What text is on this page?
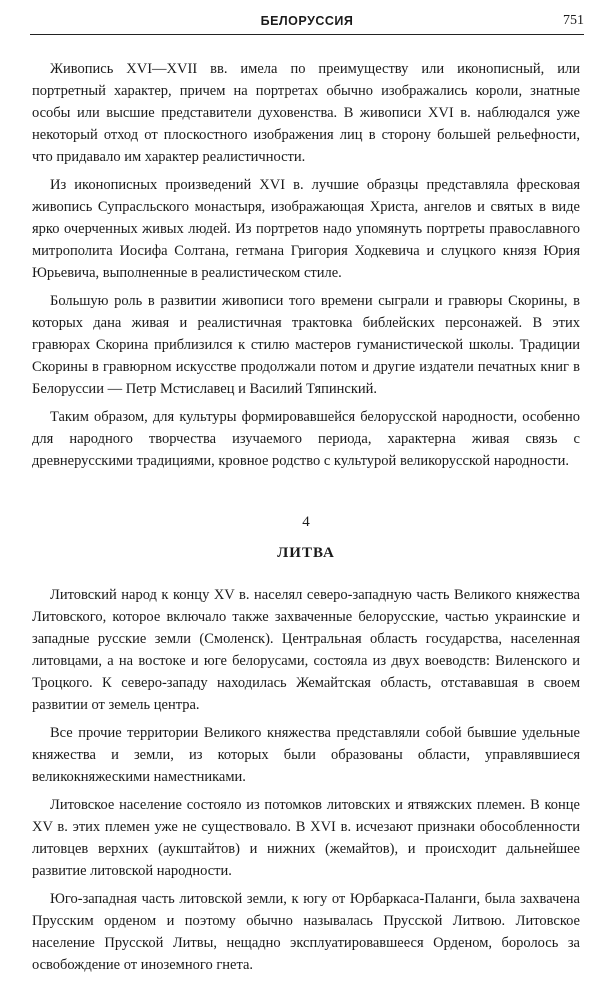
БЕЛОРУССИЯ	751

Живопись XVI—XVII вв. имела по преимуществу или иконописный, или портретный характер, причем на портретах обычно изображались короли, знатные особы или высшие представители духовенства. В живописи XVI в. наблюдался уже некоторый отход от плоскостного изображения лиц в сторону большей рельефности, что придавало им характер реалистичности.

Из иконописных произведений XVI в. лучшие образцы представляла фресковая живопись Супрасльского монастыря, изображающая Христа, ангелов и святых в виде ярко очерченных живых людей. Из портретов надо упомянуть портреты православного митрополита Иосифа Солтана, гетмана Григория Ходкевича и слуцкого князя Юрия Юрьевича, выполненные в реалистическом стиле.

Большую роль в развитии живописи того времени сыграли и гравюры Скорины, в которых дана живая и реалистичная трактовка библейских персонажей. В этих гравюрах Скорина приблизился к стилю мастеров гуманистической школы. Традиции Скорины в гравюрном искусстве продолжали потом и другие издатели печатных книг в Белоруссии — Петр Мстиславец и Василий Тяпинский.

Таким образом, для культуры формировавшейся белорусской народности, особенно для народного творчества изучаемого периода, характерна живая связь с древнерусскими традициями, кровное родство с культурой великорусской народности.

4
ЛИТВА

Литовский народ к концу XV в. населял северо-западную часть Великого княжества Литовского, которое включало также захваченные белорусские, частью украинские и западные русские земли (Смоленск). Центральная область государства, населенная литовцами, а на востоке и юге белорусами, состояла из двух воеводств: Виленского и Троцкого. К северо-западу находилась Жемайтская область, отстававшая в своем развитии от земель центра.

Все прочие территории Великого княжества представляли собой бывшие удельные княжества и земли, из которых были образованы области, управлявшиеся великокняжескими наместниками.

Литовское население состояло из потомков литовских и ятвяжских племен. В конце XV в. этих племен уже не существовало. В XVI в. исчезают признаки обособленности литовцев верхних (аукштайтов) и нижних (жемайтов), и происходит дальнейшее развитие литовской народности.

Юго-западная часть литовской земли, к югу от Юрбаркаса-Паланги, была захвачена Прусским орденом и поэтому обычно называлась Прусской Литвою. Литовское население Прусской Литвы, нещадно эксплуатировавшееся Орденом, боролось за освобождение от иноземного гнета.
